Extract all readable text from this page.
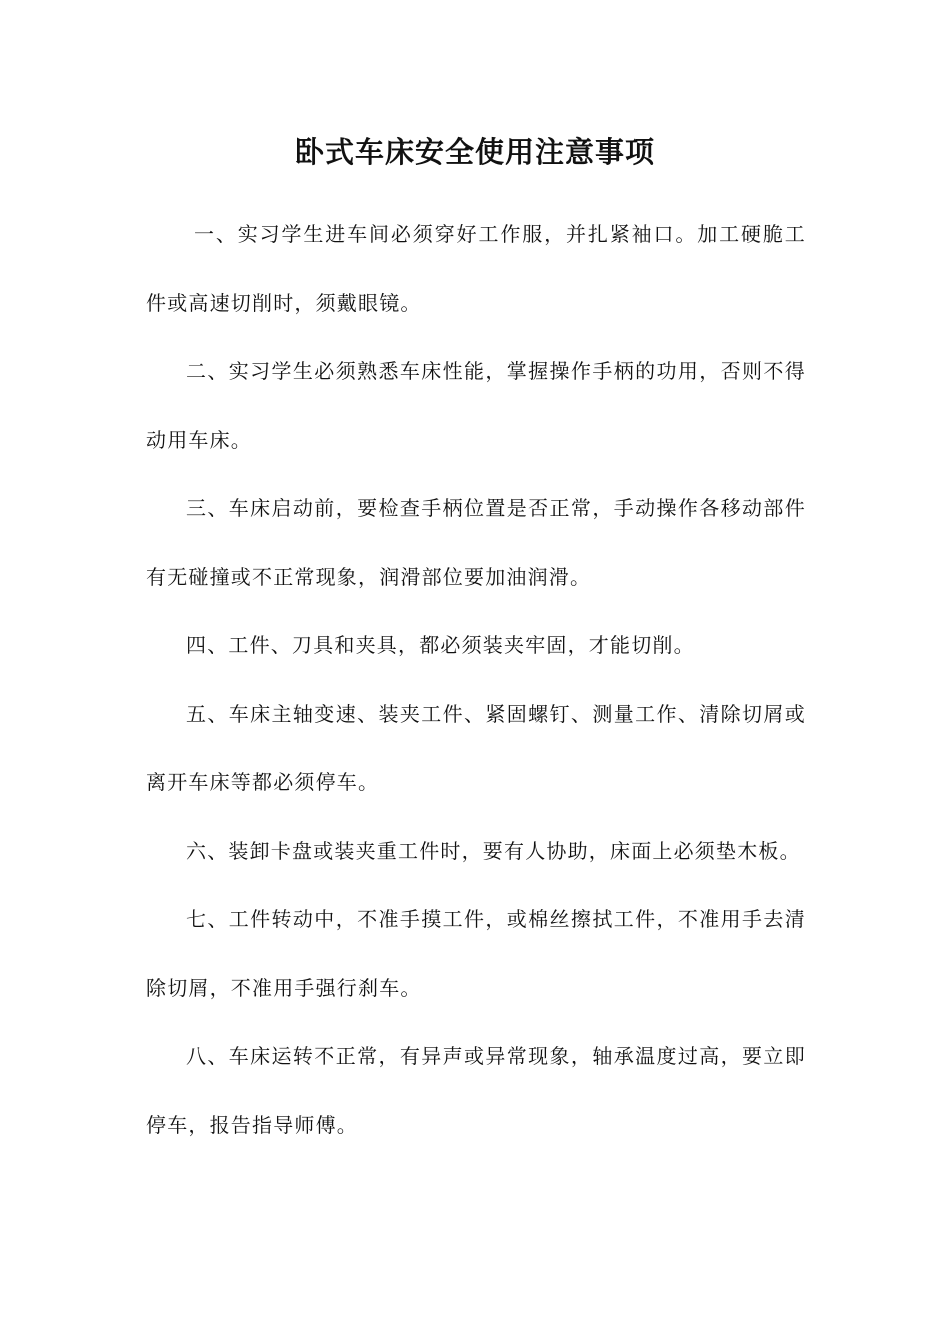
卧式车床安全使用注意事项

一、实习学生进车间必须穿好工作服，并扎紧袖口。加工硬脆工件或高速切削时，须戴眼镜。

二、实习学生必须熟悉车床性能，掌握操作手柄的功用，否则不得动用车床。

三、车床启动前，要检查手柄位置是否正常，手动操作各移动部件有无碰撞或不正常现象，润滑部位要加油润滑。

四、工件、刀具和夹具，都必须装夹牢固，才能切削。

五、车床主轴变速、装夹工件、紧固螺钉、测量工作、清除切屑或离开车床等都必须停车。

六、装卸卡盘或装夹重工件时，要有人协助，床面上必须垫木板。

七、工件转动中，不准手摸工件，或棉丝擦拭工件，不准用手去清除切屑，不准用手强行刹车。

八、车床运转不正常，有异声或异常现象，轴承温度过高，要立即停车，报告指导师傅。
